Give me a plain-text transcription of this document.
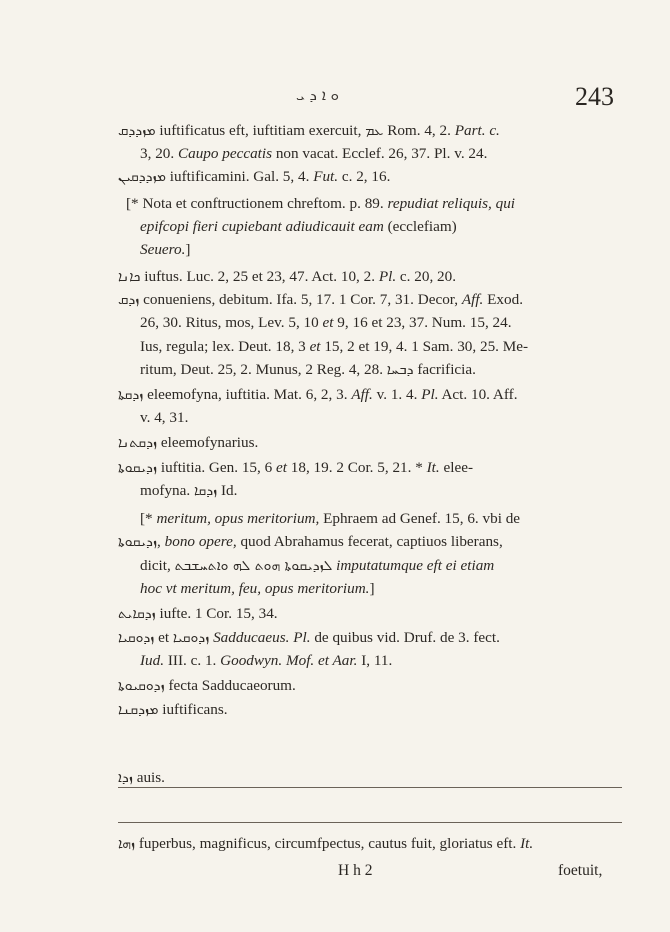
ܘ ܐ ܕ ܝ	243
ܡܙܕܕܩ iuftificatus eft, iuftitiam exercuit, ܥܡ Rom. 4, 2. Part. c.
3, 20. Caupo peccatis non vacat. Ecclef. 26, 37. Pl. v. 24.
ܡܙܕܕܩܝܢ iuftificamini. Gal. 5, 4. Fut. c. 2, 16.
[* Nota et conftructionem chreftom. p. 89. repudiat reliquis, qui
epifcopi fieri cupiebant adiudicauit eam (ecclefiam)
Seuero.]
ܟܐܢܐ iuftus. Luc. 2, 25 et 23, 47. Act. 10, 2. Pl. c. 20, 20.
ܙܕܩ conueniens, debitum. Ifa. 5, 17. 1 Cor. 7, 31. Decor, Aff. Exod.
26, 30. Ritus, mos, Lev. 5, 10 et 9, 16 et 23, 37. Num. 15, 24.
Ius, regula; lex. Deut. 18, 3 et 15, 2 et 19, 4. 1 Sam. 30, 25. Me-
ritum, Deut. 25, 2. Munus, 2 Reg. 4, 28. ܕܒܚܐ facrificia.
ܙܕܩܬܐ eleemofyna, iuftitia. Mat. 6, 2, 3. Aff. v. 1. 4. Pl. Act. 10. Aff.
v. 4, 31.
ܙܕܩܬܢܐ eleemofynarius.
ܙܕܝܩܘܬܐ iuftitia. Gen. 15, 6 et 18, 19. 2 Cor. 5, 21. * It. elee-
mofyna. ܙܕܩܐ Id.
[* meritum, opus meritorium, Ephraem ad Genef. 15, 6. vbi de
ܙܕܝܩܘܬܐ, bono opere, quod Abrahamus fecerat, captiuos liberans,
dicit, ܠܙܕܝܩܘܬܐ ܗܘܬ ܠܗ ܘܐܬܚܫܒܬ imputatumque eft ei etiam
hoc vt meritum, feu, opus meritorium.]
ܙܕܩܐܝܬ iufte. 1 Cor. 15, 34.
ܙܕܘܩܝܐ et ܙܕܘܩܝܐ Sadducaeus. Pl. de quibus vid. Druf. de 3. fect.
Iud. III. c. 1. Goodwyn. Mof. et Aar. I, 11.
ܙܕܘܩܝܘܬܐ fecta Sadducaeorum.
ܡܙܕܩܢܐ iuftificans.
ܙܕܐ auis.
ܙܗܐ fuperbus, magnificus, circumfpectus, cautus fuit, gloriatus eft. It.
H h 2	foetuit,
